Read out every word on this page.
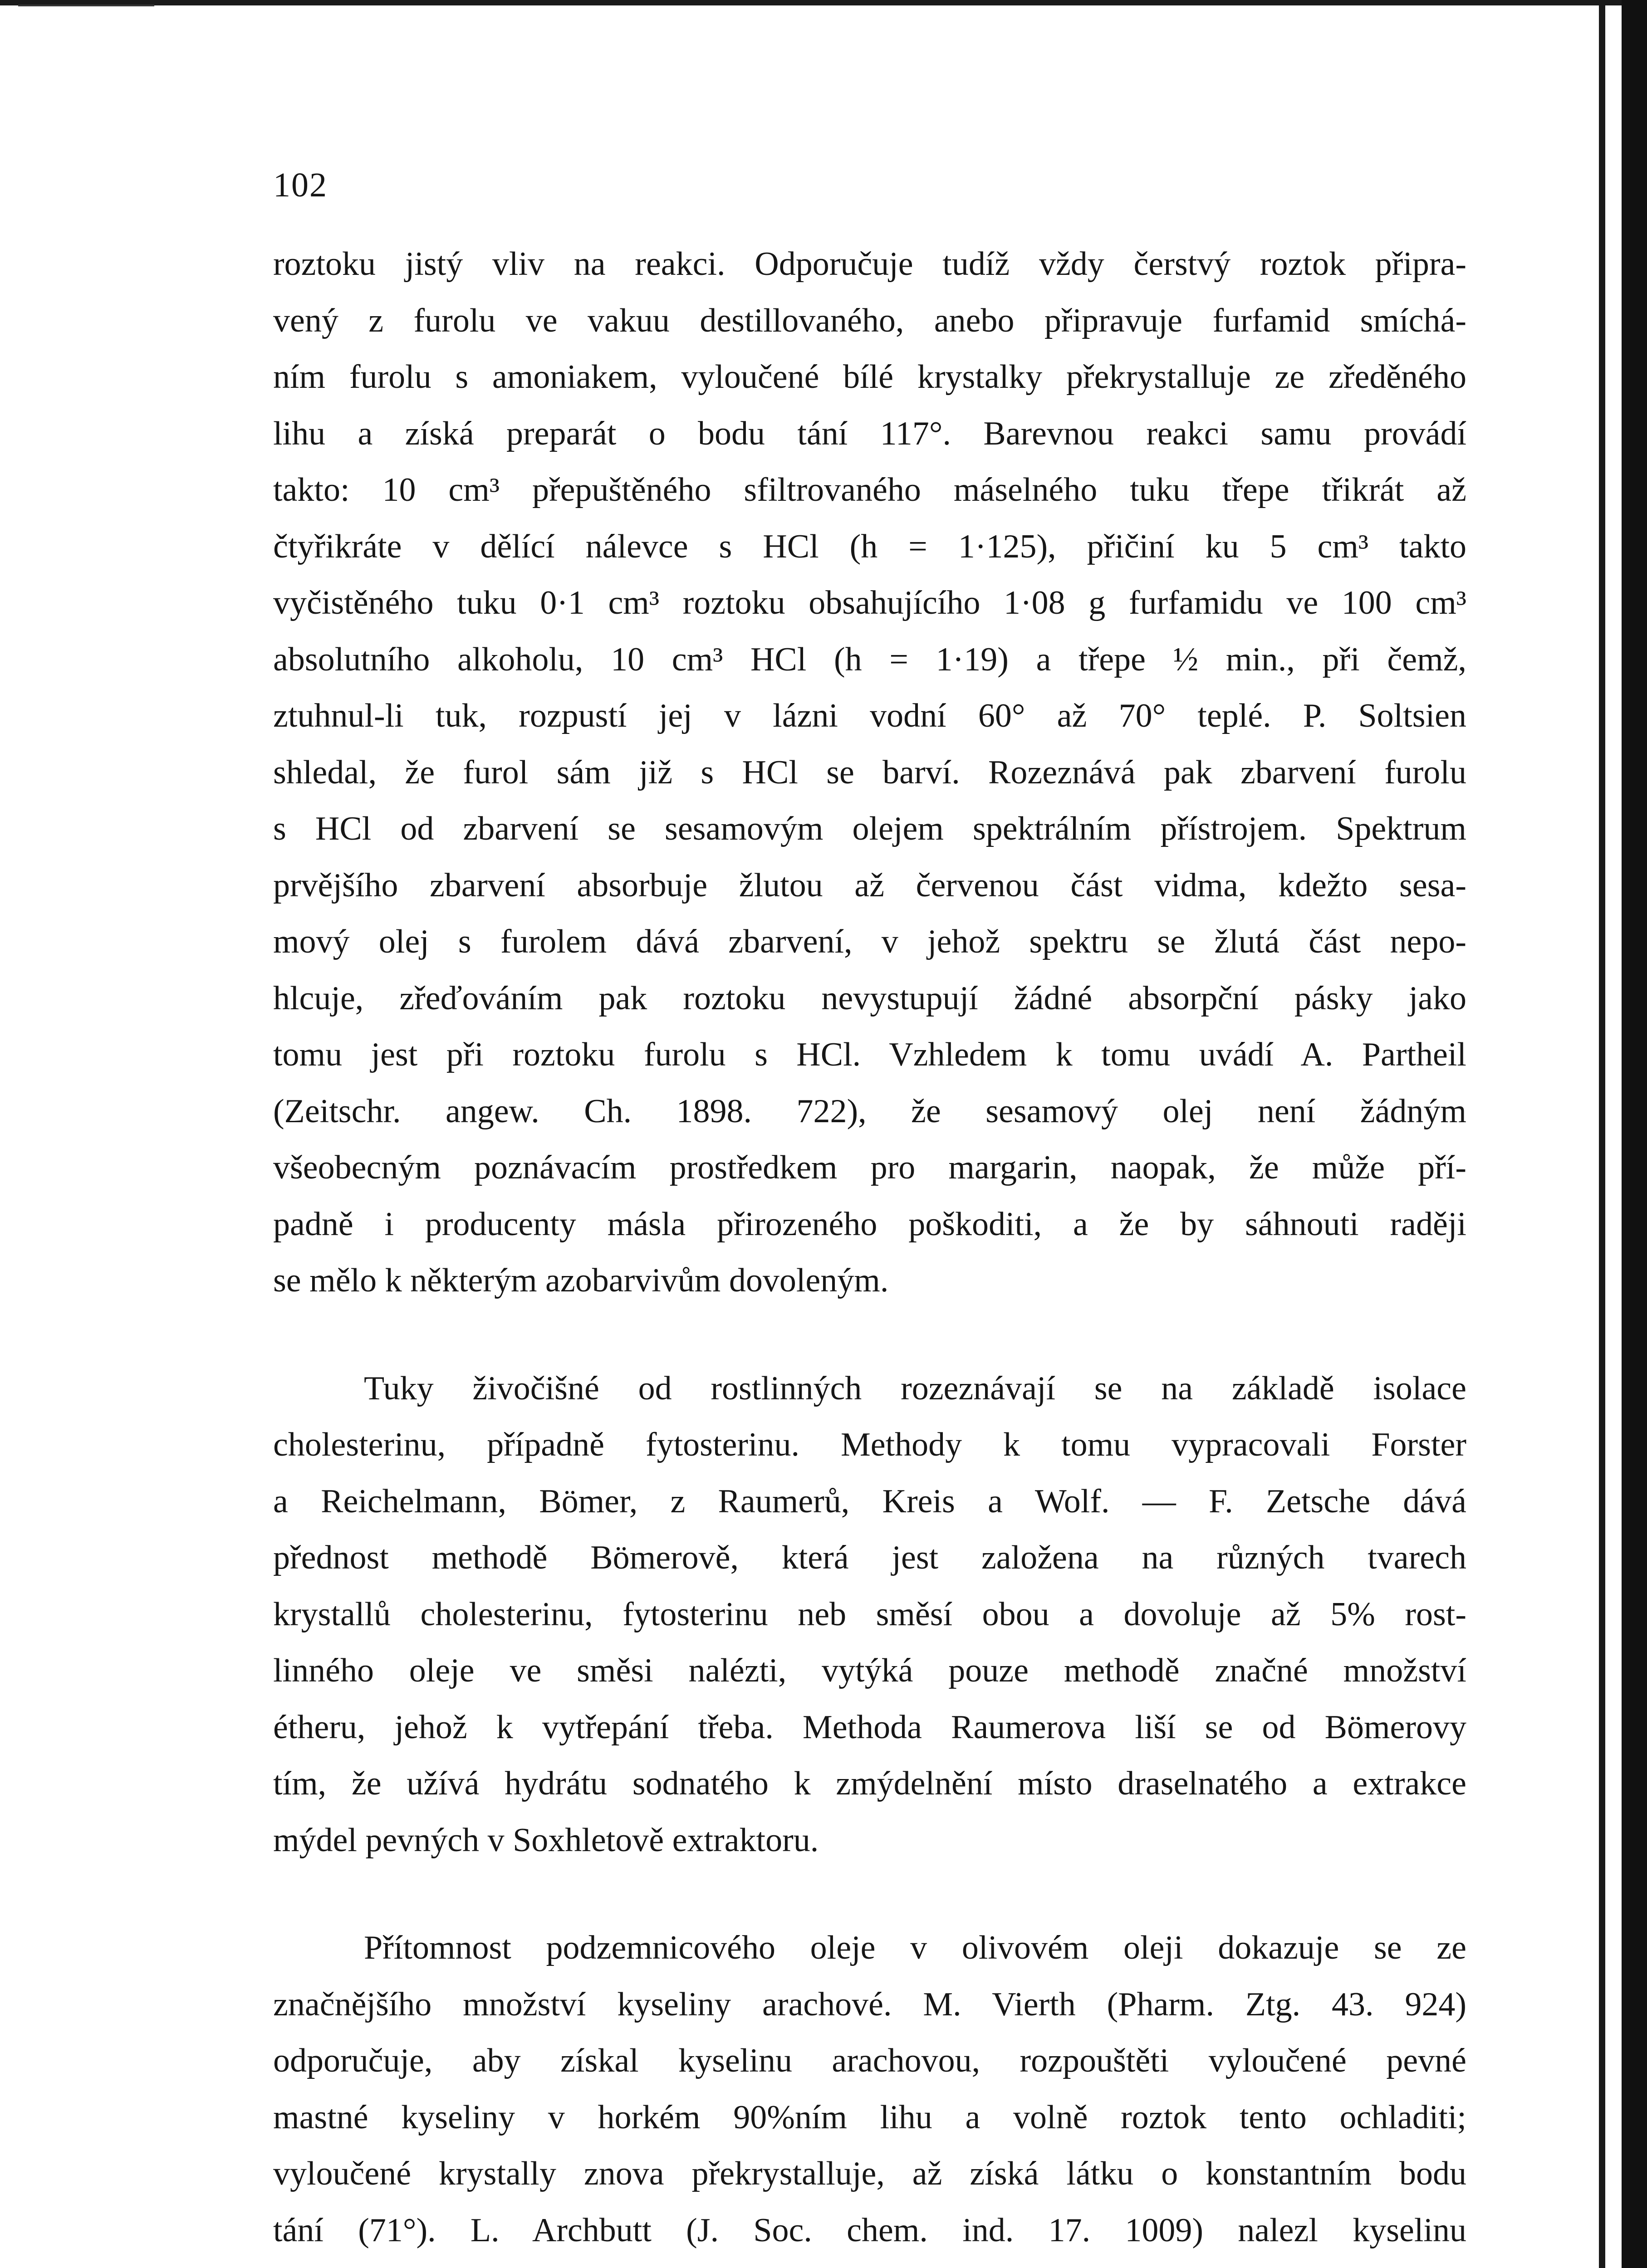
102
roztoku jistý vliv na reakci. Odporučuje tudíž vždy čerstvý roztok připra-
vený z furolu ve vakuu destillovaného, anebo připravuje furfamid smíchá-
ním furolu s amoniakem, vyloučené bílé krystalky překrystalluje ze zředěného
lihu a získá preparát o bodu tání 117°. Barevnou reakci samu provádí
takto: 10 cm³ přepuštěného sfiltrovaného máselného tuku třepe třikrát až
čtyřikráte v dělící nálevce s HCl (h = 1·125), přičiní ku 5 cm³ takto
vyčistěného tuku 0·1 cm³ roztoku obsahujícího 1·08 g furfamidu ve 100 cm³
absolutního alkoholu, 10 cm³ HCl (h = 1·19) a třepe ½ min., při čemž,
ztuhnul-li tuk, rozpustí jej v lázni vodní 60° až 70° teplé. P. Soltsien
shledal, že furol sám již s HCl se barví. Rozeznává pak zbarvení furolu
s HCl od zbarvení se sesamovým olejem spektrálním přístrojem. Spektrum
prvějšího zbarvení absorbuje žlutou až červenou část vidma, kdežto sesa-
mový olej s furolem dává zbarvení, v jehož spektru se žlutá část nepo-
hlcuje, zřeďováním pak roztoku nevystupují žádné absorpční pásky jako
tomu jest při roztoku furolu s HCl. Vzhledem k tomu uvádí A. Partheil
(Zeitschr. angew. Ch. 1898. 722), že sesamový olej není žádným
všeobecným poznávacím prostředkem pro margarin, naopak, že může pří-
padně i producenty másla přirozeného poškoditi, a že by sáhnouti raději
se mělo k některým azobarvivům dovoleným.
Tuky živočišné od rostlinných rozeznávají se na základě isolace
cholesterinu, případně fytosterinu. Methody k tomu vypracovali Forster
a Reichelmann, Bömer, z Raumerů, Kreis a Wolf. — F. Zetsche dává
přednost methodě Bömerově, která jest založena na různých tvarech
krystallů cholesterinu, fytosterinu neb směsí obou a dovoluje až 5% rost-
linného oleje ve směsi nalézti, vytýká pouze methodě značné množství
étheru, jehož k vytřepání třeba. Methoda Raumerova liší se od Bömerovy
tím, že užívá hydrátu sodnatého k zmýdelnění místo draselnatého a extrakce
mýdel pevných v Soxhletově extraktoru.
Přítomnost podzemnicového oleje v olivovém oleji dokazuje se ze
značnějšího množství kyseliny arachové. M. Vierth (Pharm. Ztg. 43. 924)
odporučuje, aby získal kyselinu arachovou, rozpouštěti vyloučené pevné
mastné kyseliny v horkém 90%ním lihu a volně roztok tento ochladiti;
vyloučené krystally znova překrystalluje, až získá látku o konstantním bodu
tání (71°). L. Archbutt (J. Soc. chem. ind. 17. 1009) nalezl kyselinu
